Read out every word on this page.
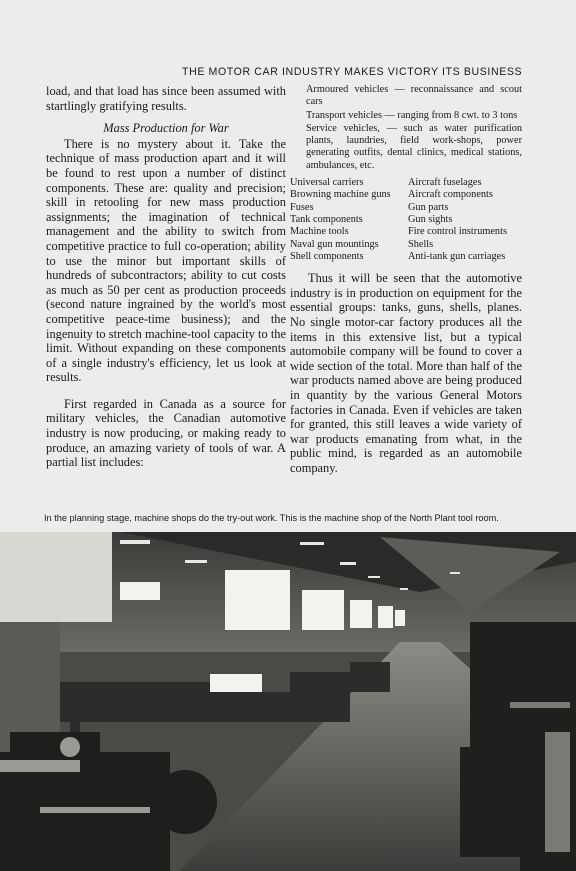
THE MOTOR CAR INDUSTRY MAKES VICTORY ITS BUSINESS

load, and that load has since been assumed with startlingly gratifying results.

Mass Production for War

There is no mystery about it. Take the technique of mass production apart and it will be found to rest upon a number of distinct components. These are: quality and precision; skill in retooling for new mass production assignments; the imagination of technical management and the ability to switch from competitive practice to full co-operation; ability to use the minor but important skills of hundreds of subcontractors; ability to cut costs as much as 50 per cent as production proceeds (second nature ingrained by the world's most competitive peace-time business); and the ingenuity to stretch machine-tool capacity to the limit. Without expanding on these components of a single industry's efficiency, let us look at results.

First regarded in Canada as a source for military vehicles, the Canadian automotive industry is now producing, or making ready to produce, an amazing variety of tools of war. A partial list includes:

Armoured vehicles — reconnaissance and scout cars
Transport vehicles — ranging from 8 cwt. to 3 tons
Service vehicles, — such as water purification plants, laundries, field work-shops, power generating outfits, dental clinics, medical stations, ambulances, etc.
Universal carriers	Aircraft fuselages
Browning machine guns	Aircraft components
Fuses	Gun parts
Tank components	Gun sights
Machine tools	Fire control instruments
Naval gun mountings	Shells
Shell components	Anti-tank gun carriages

Thus it will be seen that the automotive industry is in production on equipment for the essential groups: tanks, guns, shells, planes. No single motor-car factory produces all the items in this extensive list, but a typical automobile company will be found to cover a wide section of the total. More than half of the war products named above are being produced in quantity by the various General Motors factories in Canada. Even if vehicles are taken for granted, this still leaves a wide variety of war products emanating from what, in the public mind, is regarded as an automobile company.

In the planning stage, machine shops do the try-out work. This is the machine shop of the North Plant tool room.
